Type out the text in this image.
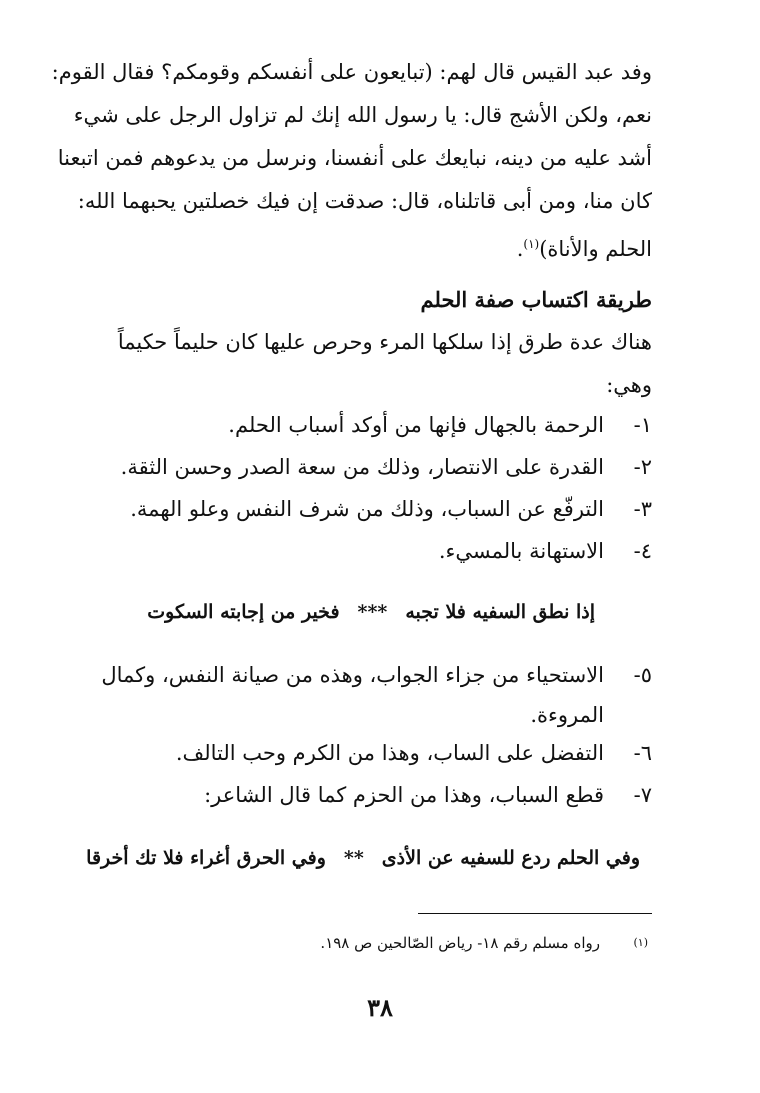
وفد عبد القيس قال لهم: (تبايعون على أنفسكم وقومكم؟ فقال القوم:
نعم، ولكن الأشج قال: يا رسول الله إنك لم تزاول الرجل على شيء
أشد عليه من دينه، نبايعك على أنفسنا، ونرسل من يدعوهم فمن اتبعنا
كان منا، ومن أبى قاتلناه، قال: صدقت إن فيك خصلتين يحبهما الله:
الحلم والأناة)$^{(١)}$.
طريقة اكتساب صفة الحلم
هناك عدة طرق إذا سلكها المرء وحرص عليها كان حليماً حكيماً
وهي:
١-الرحمة بالجهال فإنها من أوكد أسباب الحلم.
٢-القدرة على الانتصار، وذلك من سعة الصدر وحسن الثقة.
٣-الترفّع عن السباب، وذلك من شرف النفس وعلو الهمة.
٤-الاستهانة بالمسيء.
إذا نطق السفيه فلا تجبه***فخير من إجابته السكوت
٥-الاستحياء من جزاء الجواب، وهذه من صيانة النفس، وكمال
المروءة.
٦-التفضل على الساب، وهذا من الكرم وحب التالف.
٧-قطع السباب، وهذا من الحزم كما قال الشاعر:
وفي الحلم ردع للسفيه عن الأذى**وفي الحرق أغراء فلا تك أخرقا
(١)رواه مسلم رقم ١٨- رياض الصّالحين ص ١٩٨.
٣٨
